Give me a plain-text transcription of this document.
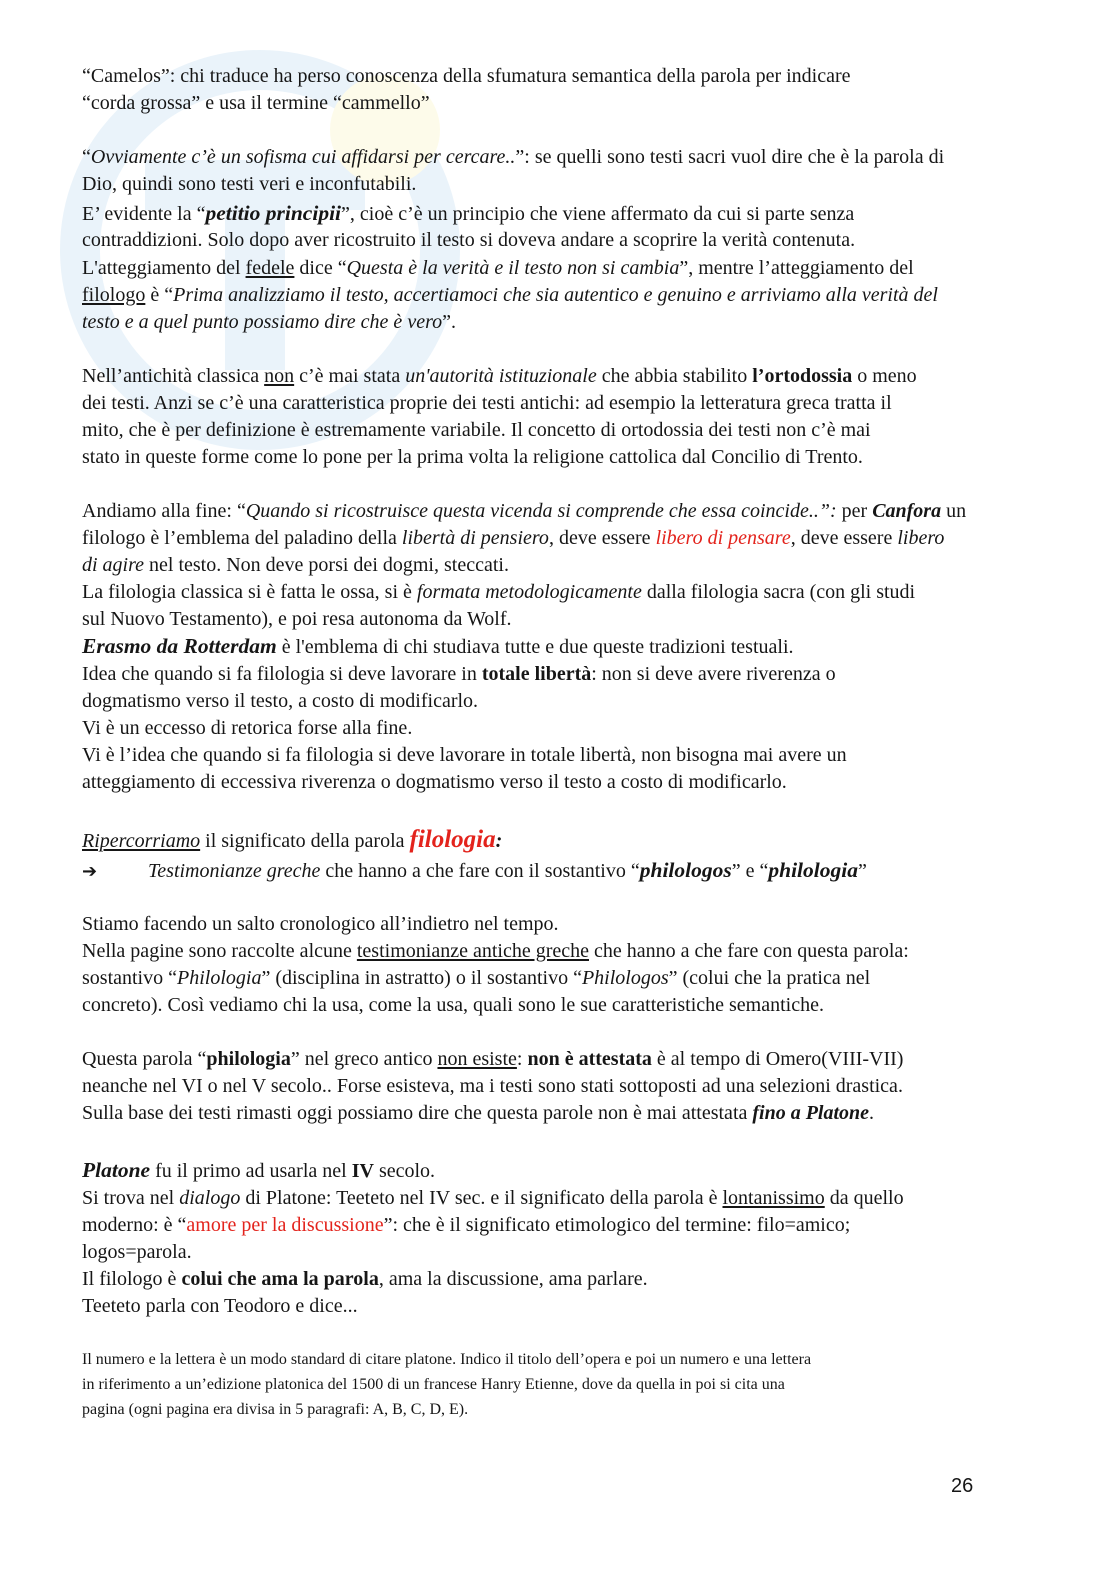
“Camelos”: chi traduce ha perso conoscenza della sfumatura semantica della parola per indicare
“corda grossa” e usa il termine “cammello”
“Ovviamente c’è un sofisma cui affidarsi per cercare..”: se quelli sono testi sacri vuol dire che è la parola di
Dio, quindi sono testi veri e inconfutabili.
E’ evidente la “petitio principii”, cioè c’è un principio che viene affermato da cui si parte senza
contraddizioni. Solo dopo aver ricostruito il testo si doveva andare a scoprire la verità contenuta.
L'atteggiamento del fedele dice “Questa è la verità e il testo non si cambia”, mentre l’atteggiamento del
filologo è “Prima analizziamo il testo, accertiamoci che sia autentico e genuino e arriviamo alla verità del
testo e a quel punto possiamo dire che è vero”.
Nell’antichità classica non c’è mai stata un'autorità istituzionale che abbia stabilito l’ortodossia o meno
dei testi. Anzi se c’è una caratteristica proprie dei testi antichi: ad esempio la letteratura greca tratta il
mito, che è per definizione è estremamente variabile. Il concetto di ortodossia dei testi non c’è mai
stato in queste forme come lo pone per la prima volta la religione cattolica dal Concilio di Trento.
Andiamo alla fine: “Quando si ricostruisce questa vicenda si comprende che essa coincide..”: per Canfora un
filologo è l’emblema del paladino della libertà di pensiero, deve essere libero di pensare, deve essere libero
di agire nel testo. Non deve porsi dei dogmi, steccati.
La filologia classica si è fatta le ossa, si è formata metodologicamente dalla filologia sacra (con gli studi
sul Nuovo Testamento), e poi resa autonoma da Wolf.
Erasmo da Rotterdam è l'emblema di chi studiava tutte e due queste tradizioni testuali.
Idea che quando si fa filologia si deve lavorare in totale libertà: non si deve avere riverenza o
dogmatismo verso il testo, a costo di modificarlo.
Vi è un eccesso di retorica forse alla fine.
Vi è l’idea che quando si fa filologia si deve lavorare in totale libertà, non bisogna mai avere un
atteggiamento di eccessiva riverenza o dogmatismo verso il testo a costo di modificarlo.
Ripercorriamo il significato della parola filologia:
➔	Testimonianze greche che hanno a che fare con il sostantivo “philologos” e “philologia”
Stiamo facendo un salto cronologico all’indietro nel tempo.
Nella pagine sono raccolte alcune testimonianze antiche greche che hanno a che fare con questa parola:
sostantivo “Philologia” (disciplina in astratto) o il sostantivo “Philologos” (colui che la pratica nel
concreto). Così vediamo chi la usa, come la usa, quali sono le sue caratteristiche semantiche.
Questa parola “philologia” nel greco antico non esiste: non è attestata è al tempo di Omero(VIII-VII)
neanche nel VI o nel V secolo.. Forse esisteva, ma i testi sono stati sottoposti ad una selezioni drastica.
Sulla base dei testi rimasti oggi possiamo dire che questa parole non è mai attestata fino a Platone.
Platone fu il primo ad usarla nel IV secolo.
Si trova nel dialogo di Platone: Teeteto nel IV sec. e il significato della parola è lontanissimo da quello
moderno: è “amore per la discussione”: che è il significato etimologico del termine: filo=amico;
logos=parola.
Il filologo è colui che ama la parola, ama la discussione, ama parlare.
Teeteto parla con Teodoro e dice...
Il numero e la lettera è un modo standard di citare platone. Indico il titolo dell’opera e poi un numero e una lettera
in riferimento a un’edizione platonica del 1500 di un francese Hanry Etienne, dove da quella in poi si cita una
pagina (ogni pagina era divisa in 5 paragrafi: A, B, C, D, E).
26
